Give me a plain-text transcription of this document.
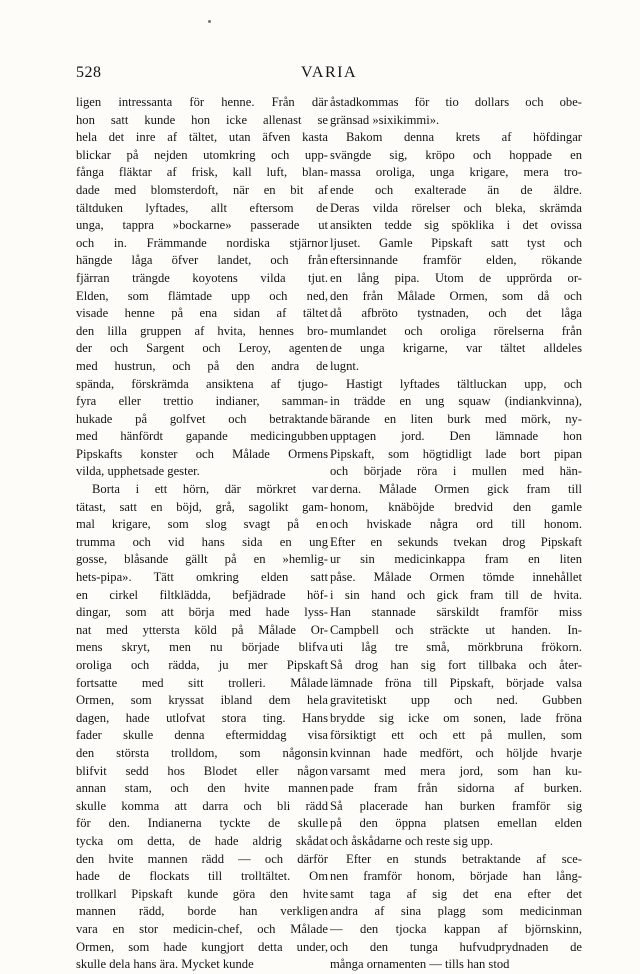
528	VARIA
ligen intressanta för henne. Från där
hon satt kunde hon icke allenast se
hela det inre af tältet, utan äfven kasta
blickar på nejden utomkring och upp-
fånga fläktar af frisk, kall luft, blan-
dade med blomsterdoft, när en bit af
tältduken lyftades, allt eftersom de
unga, tappra »bockarne» passerade ut
och in. Främmande nordiska stjärnor
hängde låga öfver landet, och från
fjärran trängde koyotens vilda tjut.
Elden, som flämtade upp och ned,
visade henne på ena sidan af tältet
den lilla gruppen af hvita, hennes bro-
der och Sargent och Leroy, agenten
med hustrun, och på den andra de
spända, förskrämda ansiktena af tjugo-
fyra eller trettio indianer, samman-
hukade på golfvet och betraktande
med hänfördt gapande medicingubben
Pipskafts konster och Målade Ormens
vilda, upphetsade gester.
Borta i ett hörn, där mörkret var
tätast, satt en böjd, grå, sagolikt gam-
mal krigare, som slog svagt på en
trumma och vid hans sida en ung
gosse, blåsande gällt på en »hemlig-
hets-pipa». Tätt omkring elden satt
en cirkel filtklädda, befjädrade höf-
dingar, som att börja med hade lyss-
nat med yttersta köld på Målade Or-
mens skryt, men nu började blifva
oroliga och rädda, ju mer Pipskaft
fortsatte med sitt trolleri. Målade
Ormen, som kryssat ibland dem hela
dagen, hade utlofvat stora ting. Hans
fader skulle denna eftermiddag visa
den största trolldom, som någonsin
blifvit sedd hos Blodet eller någon
annan stam, och den hvite mannen
skulle komma att darra och bli rädd
för den. Indianerna tyckte de skulle
tycka om detta, de hade aldrig skådat
den hvite mannen rädd — och därför
hade de flockats till trolltältet. Om
trollkarl Pipskaft kunde göra den hvite
mannen rädd, borde han verkligen
vara en stor medicin-chef, och Målade
Ormen, som hade kungjort detta under,
skulle dela hans ära. Mycket kunde
åstadkommas för tio dollars och obe-
gränsad »sixikimmi».
Bakom denna krets af höfdingar
svängde sig, kröpo och hoppade en
massa oroliga, unga krigare, mera tro-
ende och exalterade än de äldre.
Deras vilda rörelser och bleka, skrämda
ansikten tedde sig spöklika i det ovissa
ljuset. Gamle Pipskaft satt tyst och
eftersinnande framför elden, rökande
en lång pipa. Utom de upprörda or-
den från Målade Ormen, som då och
då afbröto tystnaden, och det låga
mumlandet och oroliga rörelserna från
de unga krigarne, var tältet alldeles
lugnt.
Hastigt lyftades tältluckan upp, och
in trädde en ung squaw (indiankvinna),
bärande en liten burk med mörk, ny-
upptagen jord. Den lämnade hon
Pipskaft, som högtidligt lade bort pipan
och började röra i mullen med hän-
derna. Målade Ormen gick fram till
honom, knäböjde bredvid den gamle
och hviskade några ord till honom.
Efter en sekunds tvekan drog Pipskaft
ur sin medicinkappa fram en liten
påse. Målade Ormen tömde innehållet
i sin hand och gick fram till de hvita.
Han stannade särskildt framför miss
Campbell och sträckte ut handen. In-
uti låg tre små, mörkbruna frökorn.
Så drog han sig fort tillbaka och åter-
lämnade fröna till Pipskaft, började valsa
gravitetiskt upp och ned. Gubben
brydde sig icke om sonen, lade fröna
försiktigt ett och ett på mullen, som
kvinnan hade medfört, och höljde hvarje
varsamt med mera jord, som han ku-
pade fram från sidorna af burken.
Så placerade han burken framför sig
på den öppna platsen emellan elden
och åskådarne och reste sig upp.
Efter en stunds betraktande af sce-
nen framför honom, började han lång-
samt taga af sig det ena efter det
andra af sina plagg som medicinman
— den tjocka kappan af björnskinn,
och den tunga hufvudprydnaden de
många ornamenten — tills han stod
